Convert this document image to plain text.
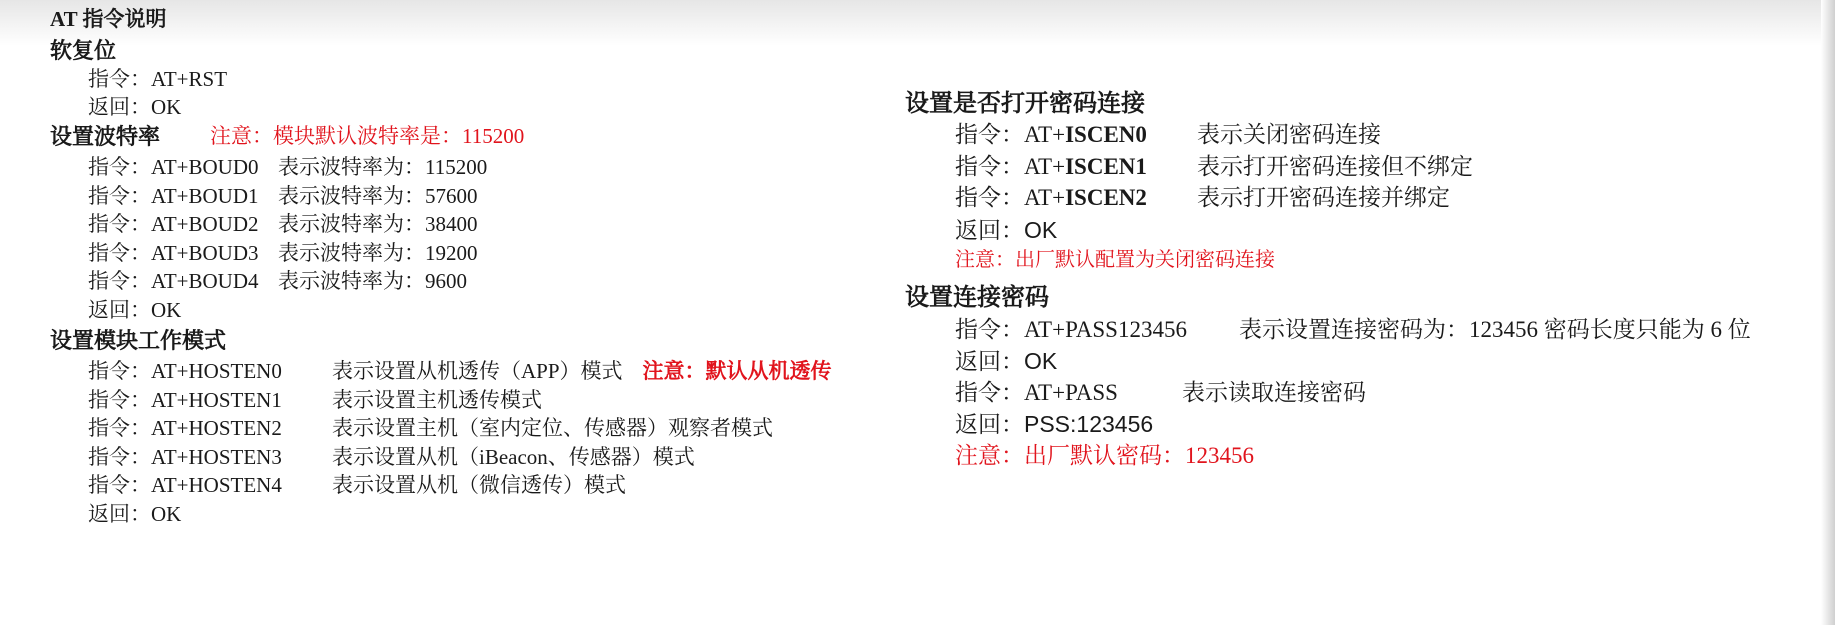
AT 指令说明
软复位
指令：AT+RST
返回：OK
设置波特率 注意：模块默认波特率是：115200
指令：AT+BOUD0 表示波特率为：115200
指令：AT+BOUD1 表示波特率为：57600
指令：AT+BOUD2 表示波特率为：38400
指令：AT+BOUD3 表示波特率为：19200
指令：AT+BOUD4 表示波特率为：9600
返回：OK
设置模块工作模式
指令：AT+HOSTEN0 表示设置从机透传（APP）模式 注意：默认从机透传
指令：AT+HOSTEN1 表示设置主机透传模式
指令：AT+HOSTEN2 表示设置主机（室内定位、传感器）观察者模式
指令：AT+HOSTEN3 表示设置从机（iBeacon、传感器）模式
指令：AT+HOSTEN4 表示设置从机（微信透传）模式
返回：OK
设置是否打开密码连接
指令：AT+ISCEN0 表示关闭密码连接
指令：AT+ISCEN1 表示打开密码连接但不绑定
指令：AT+ISCEN2 表示打开密码连接并绑定
返回：OK
注意：出厂默认配置为关闭密码连接
设置连接密码
指令：AT+PASS123456 表示设置连接密码为：123456 密码长度只能为 6 位
返回：OK
指令：AT+PASS	表示读取连接密码
返回：PSS:123456
注意：出厂默认密码：123456
